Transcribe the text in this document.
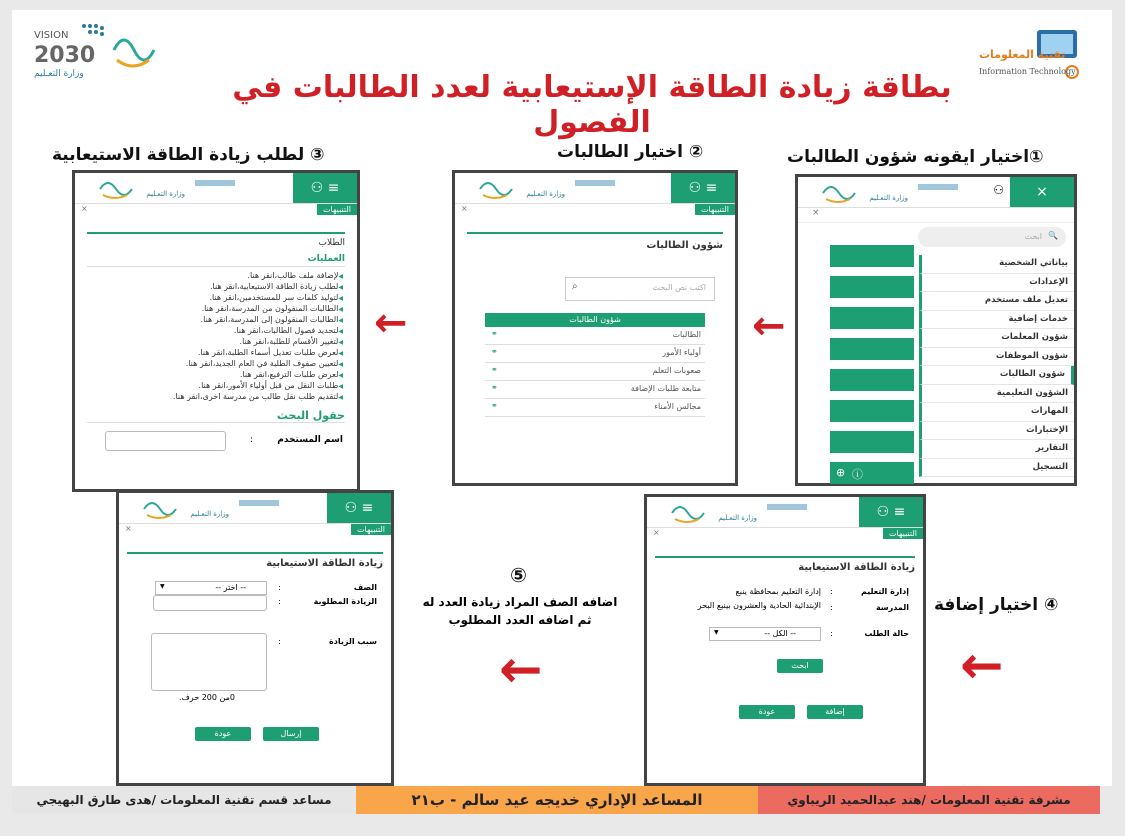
VISION
2030
وزارة التعـليم
تقنية المعلومات
Information Technology
بطاقة زيادة الطاقة الإستيعابية لعدد الطالبات في الفصول
①اختيار ايقونه شؤون الطالبات
② اختيار الطالبات
③ لطلب زيادة الطاقة الاستيعابية
④ اختيار إضافة
⑤
اضافه الصف المراد زيادة العدد له
ثم اضافه العدد المطلوب
←
←
←
←
×
⚇
وزارة التعـليم
×
🔍
ابحث
بياناتي الشخصية
الإعدادات
تعديل ملف مستخدم
خدمات إضافية
شؤون المعلمات
شؤون الموظفات
شؤون الطالبات
الشؤون التعليمية
المهارات
الإختبارات
التقارير
التسجيل
⊕ ⓘ
≡ ⚇
وزارة التعـليم
التنبيهات
×
شؤون الطالبات
اكتب نص البحث
⌕
شؤون الطالبات
الطالبات
⚭
أولياء الأمور
⚭
صعوبات التعلم
⚭
متابعة طلبات الإضافة
⚭
مجالس الأمناء
⚭
≡ ⚇
وزارة التعـليم
التنبيهات
×
الطلاب
العمليات
◀ لإضافة ملف طالب،انقر هنا.
◀ لطلب زيادة الطاقة الاستيعابية،انقر هنا.
◀ لتوليد كلمات سر للمستخدمين،انقر هنا.
◀ الطالبات المنقولون من المدرسة،انقر هنا.
◀ الطالبات المنقولون إلى المدرسة،انقر هنا.
◀ لتحديد فصول الطالبات،انقر هنا.
◀ لتغيير الأقسام للطلبة،انقر هنا.
◀ لعرض طلبات تعديل أسماء الطلبة،انقر هنا.
◀ لتعيين صفوف الطلبة في العام الجديد،انقر هنا.
◀ لعرض طلبات الترفيع،انقر هنا.
◀ طلبات النقل من قبل أولياء الأمور،انقر هنا.
◀ لتقديم طلب نقل طالب من مدرسة اخرى،انقر هنا.
حقول البحث
اسم المستخدم
:
≡ ⚇
وزارة التعـليم
التنبيهات
×
زيادة الطاقة الاستيعابية
إدارة التعليم
:
إدارة التعليم بمحافظة ينبع
المدرسة
:
الإبتدائية الحادية والعشرون بينبع البحر
حالة الطلب
:
-- الكل --
▼
ابحث
إضافة
عودة
≡ ⚇
وزارة التعـليم
التنبيهات
×
زيادة الطاقة الاستيعابية
الصف
:
-- اختر --
▼
الزيادة المطلوبة
:
سبب الزيادة
:
0من 200 حرف.
إرسال
عودة
مساعد قسم تقنية المعلومات /هدى طارق البهيجي	المساعد الإداري خديجه عيد سالم - ب٢١	مشرفة تقنية المعلومات /هند عبدالحميد الريباوي
